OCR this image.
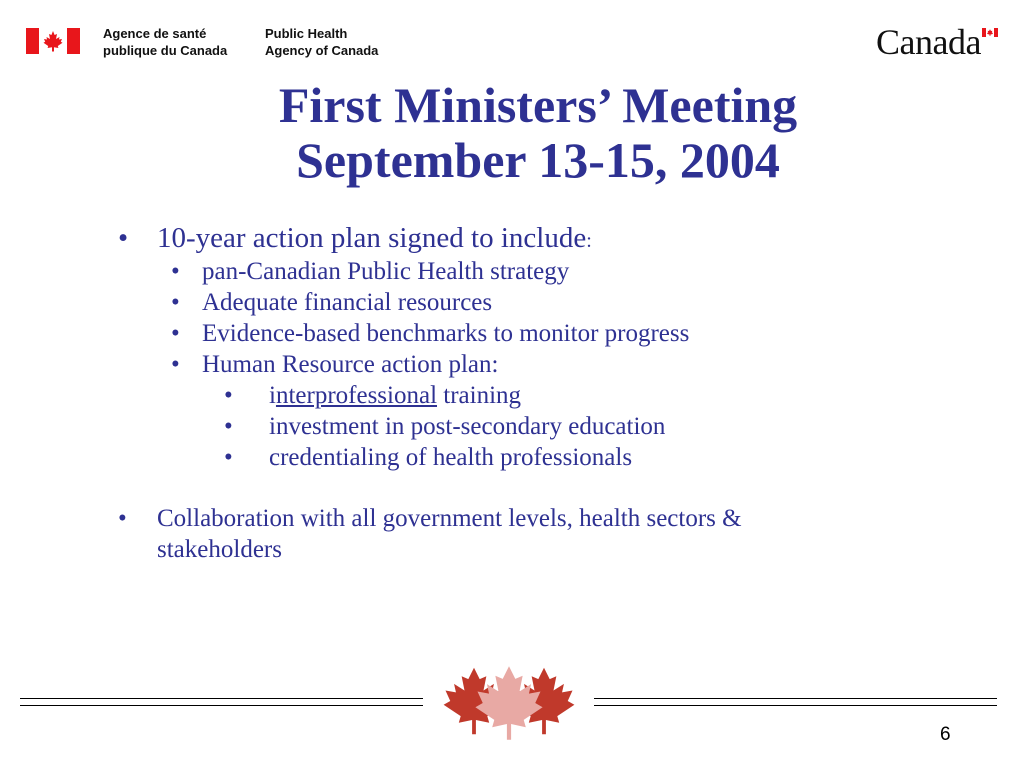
Agence de santé
publique du Canada
Public Health
Agency of Canada	Canada
First Ministers’ Meeting
September 13-15, 2004
• 10-year action plan signed to include:
• pan-Canadian Public Health strategy
• Adequate financial resources
• Evidence-based benchmarks to monitor progress
• Human Resource action plan:
• interprofessional training
• investment in post-secondary education
• credentialing of health professionals
• Collaboration with all government levels, health sectors &
stakeholders
6
